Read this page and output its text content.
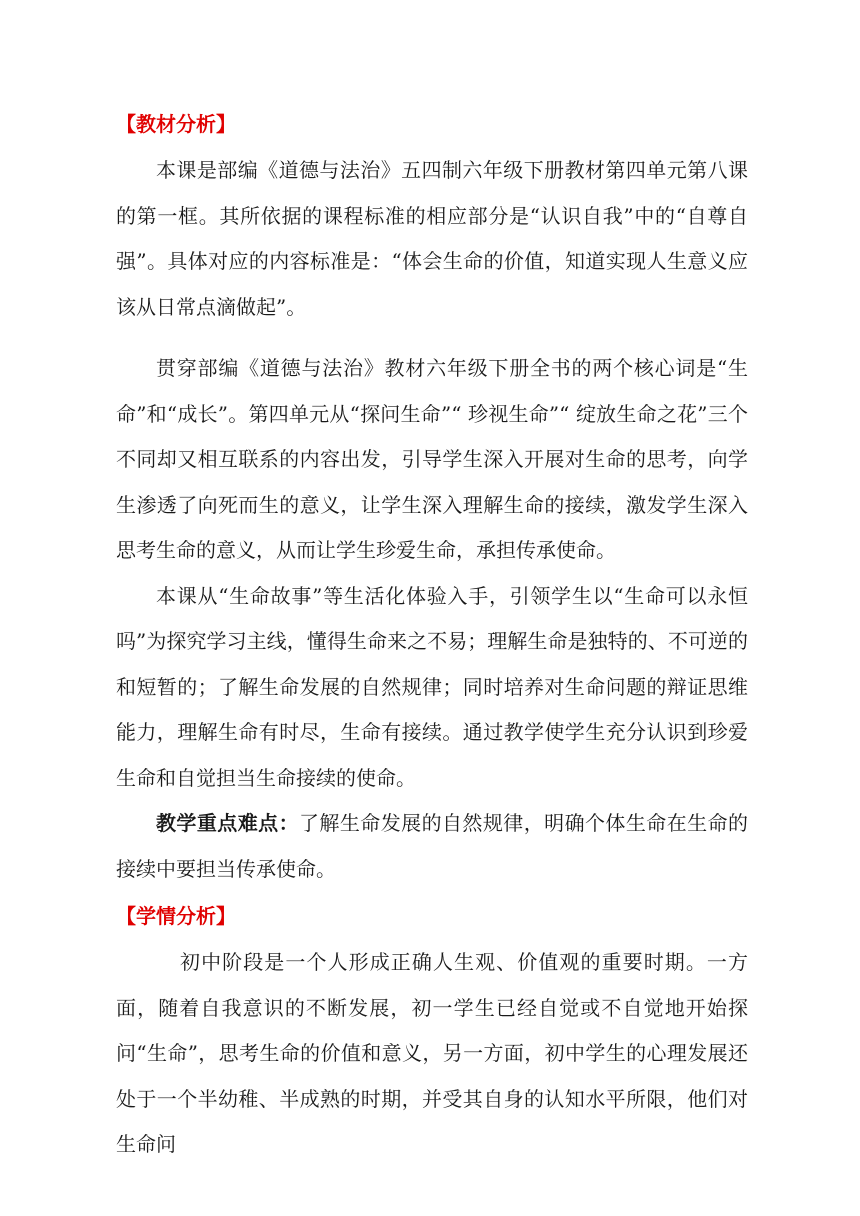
【教材分析】

本课是部编《道德与法治》五四制六年级下册教材第四单元第八课的第一框。其所依据的课程标准的相应部分是“认识自我”中的“自尊自强”。具体对应的内容标准是：“体会生命的价值，知道实现人生意义应该从日常点滴做起”。

贯穿部编《道德与法治》教材六年级下册全书的两个核心词是“生命”和“成长”。第四单元从“探问生命”“ 珍视生命”“ 绽放生命之花”三个不同却又相互联系的内容出发，引导学生深入开展对生命的思考，向学生渗透了向死而生的意义，让学生深入理解生命的接续，激发学生深入思考生命的意义，从而让学生珍爱生命，承担传承使命。

本课从“生命故事”等生活化体验入手，引领学生以“生命可以永恒吗”为探究学习主线，懂得生命来之不易；理解生命是独特的、不可逆的和短暂的；了解生命发展的自然规律；同时培养对生命问题的辩证思维能力，理解生命有时尽，生命有接续。通过教学使学生充分认识到珍爱生命和自觉担当生命接续的使命。

教学重点难点：了解生命发展的自然规律，明确个体生命在生命的接续中要担当传承使命。

【学情分析】

初中阶段是一个人形成正确人生观、价值观的重要时期。一方面，随着自我意识的不断发展，初一学生已经自觉或不自觉地开始探问“生命”，思考生命的价值和意义，另一方面，初中学生的心理发展还处于一个半幼稚、半成熟的时期，并受其自身的认知水平所限，他们对生命问
